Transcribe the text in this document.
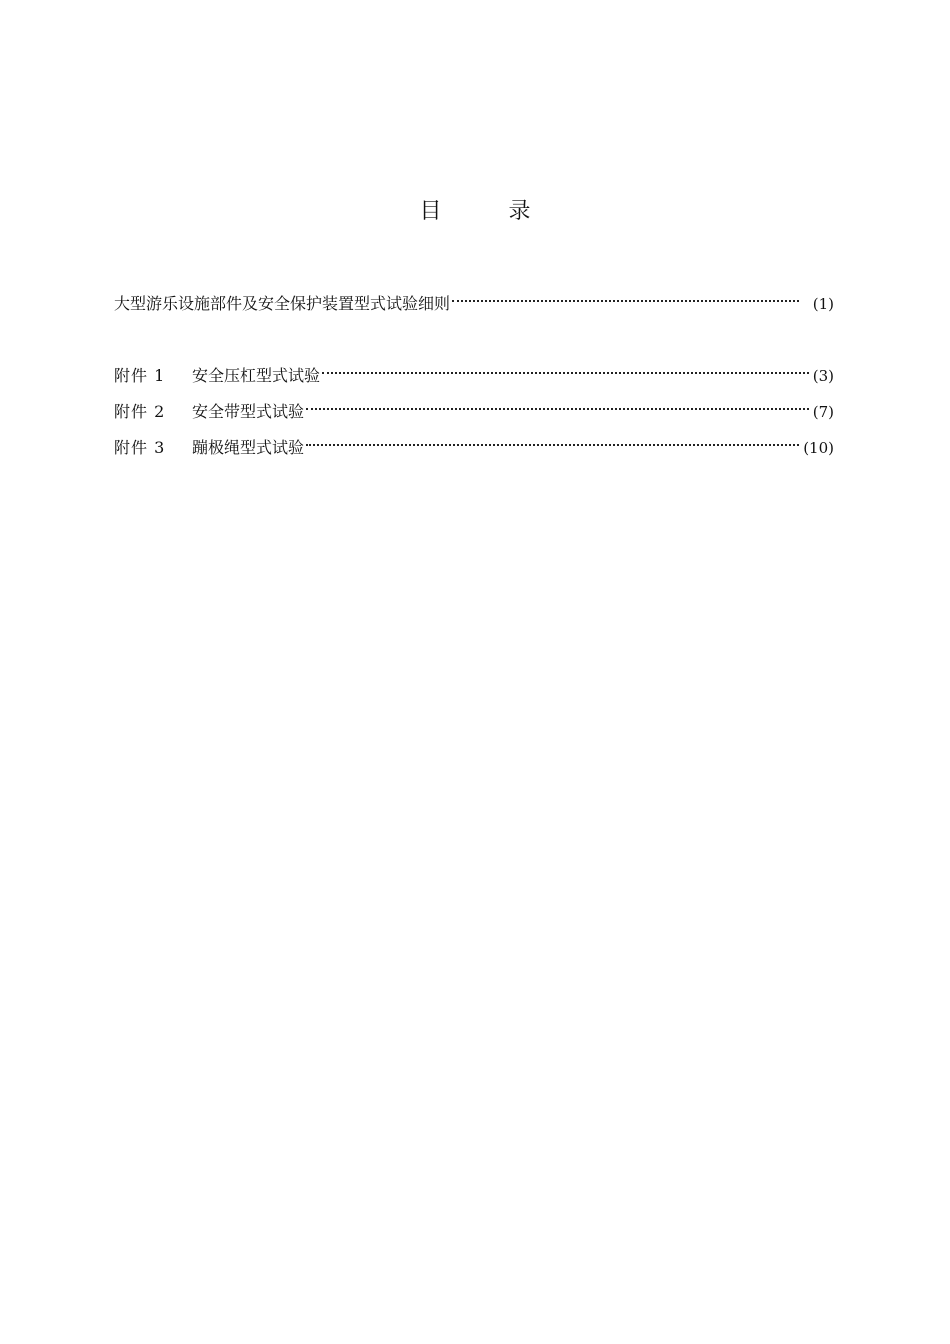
目 录
大型游乐设施部件及安全保护装置型式试验细则	(1)
附件 1	安全压杠型式试验	(3)
附件 2	安全带型式试验	(7)
附件 3	蹦极绳型式试验	(10)
